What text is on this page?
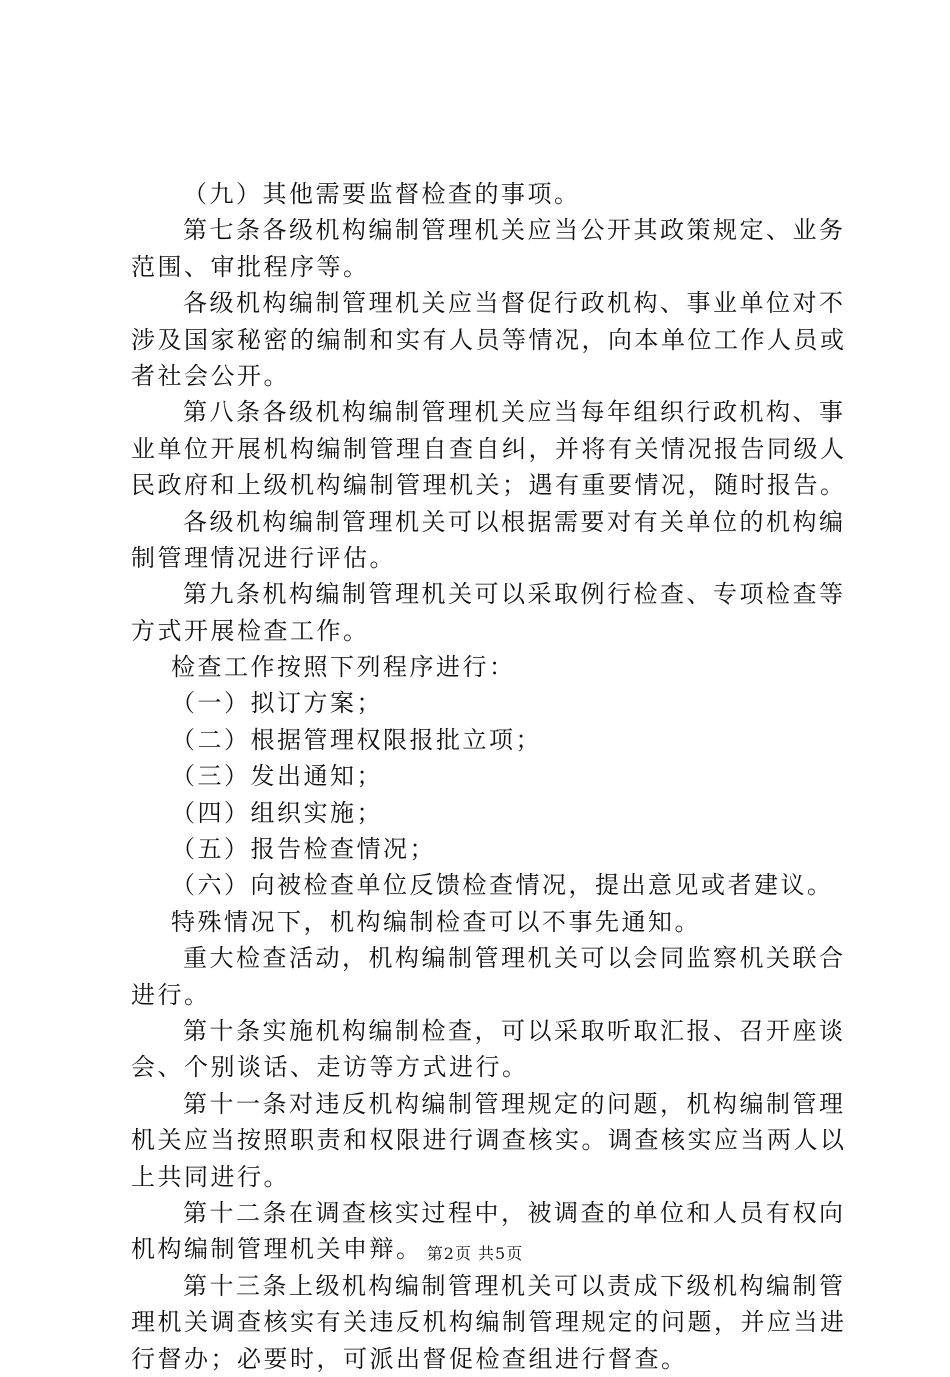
（九）其他需要监督检查的事项。
第七条各级机构编制管理机关应当公开其政策规定、业务
范围、审批程序等。
各级机构编制管理机关应当督促行政机构、事业单位对不
涉及国家秘密的编制和实有人员等情况，向本单位工作人员或
者社会公开。
第八条各级机构编制管理机关应当每年组织行政机构、事
业单位开展机构编制管理自查自纠，并将有关情况报告同级人
民政府和上级机构编制管理机关；遇有重要情况，随时报告。
各级机构编制管理机关可以根据需要对有关单位的机构编
制管理情况进行评估。
第九条机构编制管理机关可以采取例行检查、专项检查等
方式开展检查工作。
检查工作按照下列程序进行：
（一）拟订方案；
（二）根据管理权限报批立项；
（三）发出通知；
（四）组织实施；
（五）报告检查情况；
（六）向被检查单位反馈检查情况，提出意见或者建议。
特殊情况下，机构编制检查可以不事先通知。
重大检查活动，机构编制管理机关可以会同监察机关联合
进行。
第十条实施机构编制检查，可以采取听取汇报、召开座谈
会、个别谈话、走访等方式进行。
第十一条对违反机构编制管理规定的问题，机构编制管理
机关应当按照职责和权限进行调查核实。调查核实应当两人以
上共同进行。
第十二条在调查核实过程中，被调查的单位和人员有权向
机构编制管理机关申辩。
第十三条上级机构编制管理机关可以责成下级机构编制管
理机关调查核实有关违反机构编制管理规定的问题，并应当进
行督办；必要时，可派出督促检查组进行督查。
第2页 共5页
